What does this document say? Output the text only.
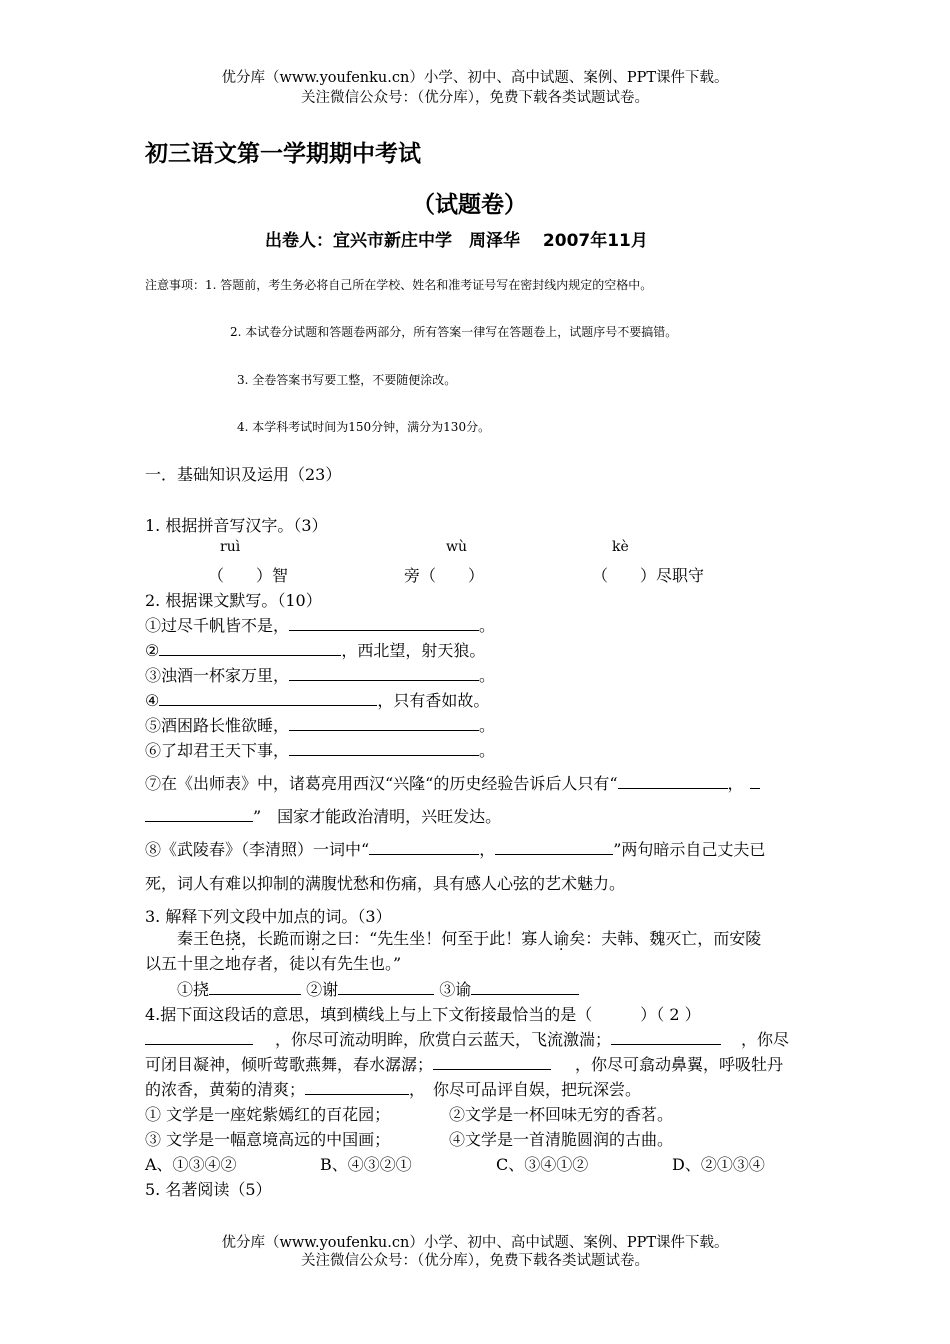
优分库（www.youfenku.cn）小学、初中、高中试题、案例、PPT课件下载。
关注微信公众号：（优分库），免费下载各类试题试卷。
初三语文第一学期期中考试
（试题卷）
出卷人：宜兴市新庄中学　周泽华　 2007年11月
注意事项：1. 答题前，考生务必将自己所在学校、姓名和准考证号写在密封线内规定的空格中。
2. 本试卷分试题和答题卷两部分，所有答案一律写在答题卷上，试题序号不要搞错。
3. 全卷答案书写要工整，不要随便涂改。
4. 本学科考试时间为150分钟，满分为130分。
一．基础知识及运用（23）
1. 根据拼音写汉字。（3）
ruì	wù	kè
（　　）智	旁（　　）	（　　）尽职守
2. 根据课文默写。（10）
①过尽千帆皆不是，	。
②	，西北望，射天狼。
③浊酒一杯家万里，	。
④	，只有香如故。
⑤酒困路长惟欲睡，	。
⑥了却君王天下事，	。
⑦在《出师表》中，诸葛亮用西汉“兴隆“的历史经验告诉后人只有“	，
”　国家才能政治清明，兴旺发达。
⑧《武陵春》（李清照）一词中“	，	”两句暗示自己丈夫已
死，词人有难以抑制的满腹忧愁和伤痛，具有感人心弦的艺术魅力。
3. 解释下列文段中加点的词。（3）
秦王色挠，长跪而谢之曰：“先生坐！何至于此！寡人谕矣：夫韩、魏灭亡，而安陵
以五十里之地存者，徒以有先生也。”
①挠	②谢	③谕
4.据下面这段话的意思，填到横线上与上下文衔接最恰当的是（　　　）（ 2 ）
，你尽可流动明眸，欣赏白云蓝天，飞流激湍；	，你尽
可闭目凝神，倾听莺歌燕舞，春水潺潺；	，你尽可翕动鼻翼，呼吸牡丹
的浓香，黄菊的清爽；	，　你尽可品评自娱，把玩深尝。
① 文学是一座姹紫嫣红的百花园；	②文学是一杯回味无穷的香茗。
③ 文学是一幅意境高远的中国画；	④文学是一首清脆圆润的古曲。
A、①③④②	B、④③②①	C、③④①②	D、②①③④
5. 名著阅读（5）
优分库（www.youfenku.cn）小学、初中、高中试题、案例、PPT课件下载。
关注微信公众号：（优分库），免费下载各类试题试卷。
